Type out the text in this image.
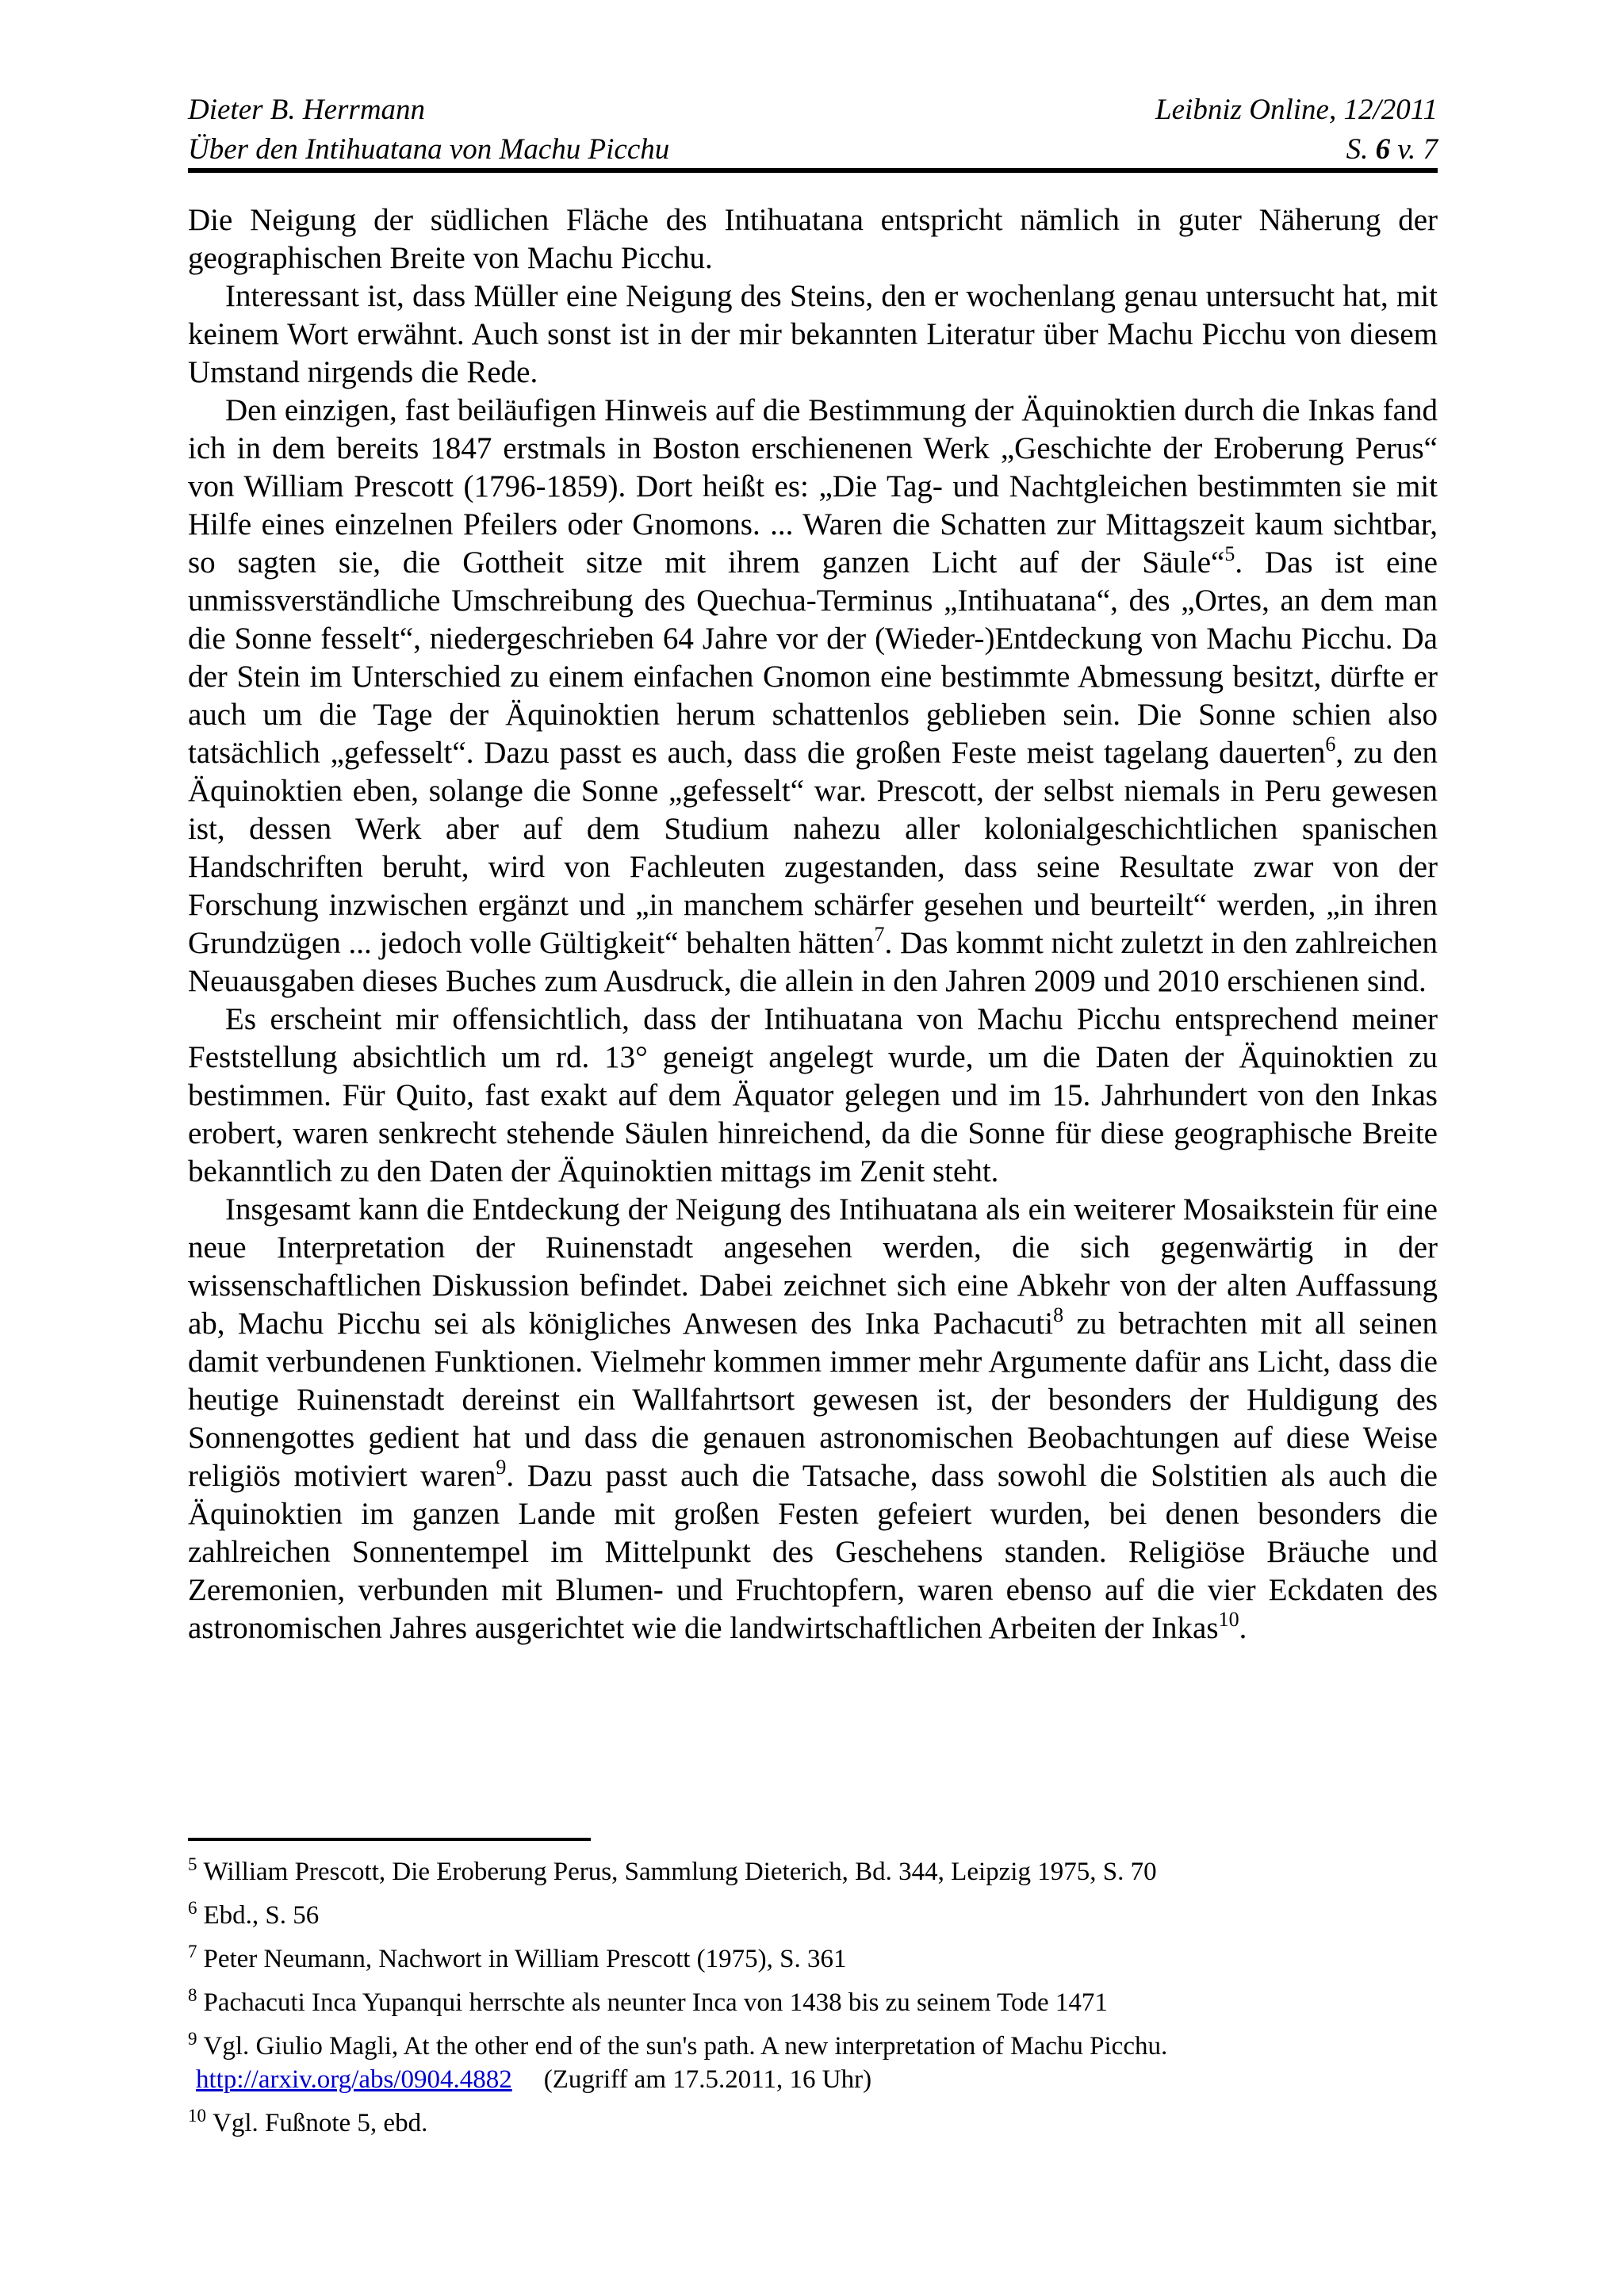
Dieter B. Herrmann
Über den Intihuatana von Machu Picchu
Leibniz Online, 12/2011
S. 6 v. 7

Die Neigung der südlichen Fläche des Intihuatana entspricht nämlich in guter Näherung der geographischen Breite von Machu Picchu.

Interessant ist, dass Müller eine Neigung des Steins, den er wochenlang genau untersucht hat, mit keinem Wort erwähnt. Auch sonst ist in der mir bekannten Literatur über Machu Picchu von diesem Umstand nirgends die Rede.

Den einzigen, fast beiläufigen Hinweis auf die Bestimmung der Äquinoktien durch die Inkas fand ich in dem bereits 1847 erstmals in Boston erschienenen Werk „Geschichte der Eroberung Perus“ von William Prescott (1796-1859). Dort heißt es: „Die Tag- und Nachtgleichen bestimmten sie mit Hilfe eines einzelnen Pfeilers oder Gnomons. ... Waren die Schatten zur Mittagszeit kaum sichtbar, so sagten sie, die Gottheit sitze mit ihrem ganzen Licht auf der Säule“$^5$. Das ist eine unmissverständliche Umschreibung des Quechua-Terminus „Intihuatana“, des „Ortes, an dem man die Sonne fesselt“, niedergeschrieben 64 Jahre vor der (Wieder-)Entdeckung von Machu Picchu. Da der Stein im Unterschied zu einem einfachen Gnomon eine bestimmte Abmessung besitzt, dürfte er auch um die Tage der Äquinoktien herum schattenlos geblieben sein. Die Sonne schien also tatsächlich „gefesselt“. Dazu passt es auch, dass die großen Feste meist tagelang dauerten$^6$, zu den Äquinoktien eben, solange die Sonne „gefesselt“ war. Prescott, der selbst niemals in Peru gewesen ist, dessen Werk aber auf dem Studium nahezu aller kolonialgeschichtlichen spanischen Handschriften beruht, wird von Fachleuten zugestanden, dass seine Resultate zwar von der Forschung inzwischen ergänzt und „in manchem schärfer gesehen und beurteilt“ werden, „in ihren Grundzügen ... jedoch volle Gültigkeit“ behalten hätten$^7$. Das kommt nicht zuletzt in den zahlreichen Neuausgaben dieses Buches zum Ausdruck, die allein in den Jahren 2009 und 2010 erschienen sind.

Es erscheint mir offensichtlich, dass der Intihuatana von Machu Picchu entsprechend meiner Feststellung absichtlich um rd. 13° geneigt angelegt wurde, um die Daten der Äquinoktien zu bestimmen. Für Quito, fast exakt auf dem Äquator gelegen und im 15. Jahrhundert von den Inkas erobert, waren senkrecht stehende Säulen hinreichend, da die Sonne für diese geographische Breite bekanntlich zu den Daten der Äquinoktien mittags im Zenit steht.

Insgesamt kann die Entdeckung der Neigung des Intihuatana als ein weiterer Mosaikstein für eine neue Interpretation der Ruinenstadt angesehen werden, die sich gegenwärtig in der wissenschaftlichen Diskussion befindet. Dabei zeichnet sich eine Abkehr von der alten Auffassung ab, Machu Picchu sei als königliches Anwesen des Inka Pachacuti$^8$ zu betrachten mit all seinen damit verbundenen Funktionen. Vielmehr kommen immer mehr Argumente dafür ans Licht, dass die heutige Ruinenstadt dereinst ein Wallfahrtsort gewesen ist, der besonders der Huldigung des Sonnengottes gedient hat und dass die genauen astronomischen Beobachtungen auf diese Weise religiös motiviert waren$^9$. Dazu passt auch die Tatsache, dass sowohl die Solstitien als auch die Äquinoktien im ganzen Lande mit großen Festen gefeiert wurden, bei denen besonders die zahlreichen Sonnentempel im Mittelpunkt des Geschehens standen. Religiöse Bräuche und Zeremonien, verbunden mit Blumen- und Fruchtopfern, waren ebenso auf die vier Eckdaten des astronomischen Jahres ausgerichtet wie die landwirtschaftlichen Arbeiten der Inkas$^{10}$.

$^5$ William Prescott, Die Eroberung Perus, Sammlung Dieterich, Bd. 344, Leipzig 1975, S. 70
$^6$ Ebd., S. 56
$^7$ Peter Neumann, Nachwort in William Prescott (1975), S. 361
$^8$ Pachacuti Inca Yupanqui herrschte als neunter Inca von 1438 bis zu seinem Tode 1471
$^9$ Vgl. Giulio Magli, At the other end of the sun's path. A new interpretation of Machu Picchu.
http://arxiv.org/abs/0904.4882 (Zugriff am 17.5.2011, 16 Uhr)
$^{10}$ Vgl. Fußnote 5, ebd.
